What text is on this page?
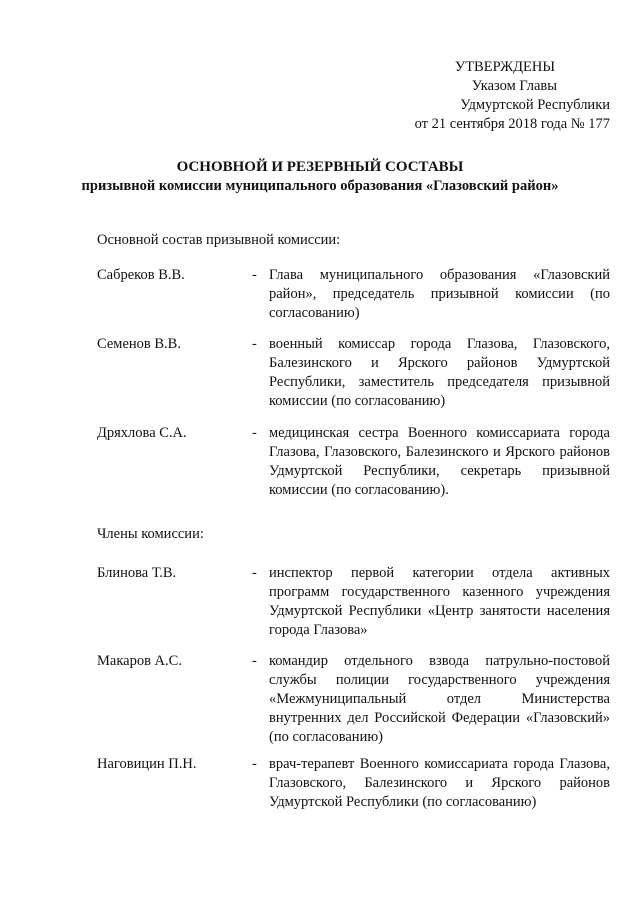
УТВЕРЖДЕНЫ
Указом Главы
Удмуртской Республики
от 21 сентября 2018 года № 177
ОСНОВНОЙ И РЕЗЕРВНЫЙ СОСТАВЫ
призывной комиссии муниципального образования «Глазовский район»
Основной состав призывной комиссии:
Сабреков В.В.	- Глава муниципального образования «Глазовский район», председатель призывной комиссии (по согласованию)
Семенов В.В.	- военный комиссар города Глазова, Глазовского, Балезинского и Ярского районов Удмуртской Республики, заместитель председателя призывной комиссии (по согласованию)
Дряхлова С.А.	- медицинская сестра Военного комиссариата города Глазова, Глазовского, Балезинского и Ярского районов Удмуртской Республики, секретарь призывной комиссии (по согласованию).
Члены комиссии:
Блинова Т.В.	- инспектор первой категории отдела активных программ государственного казенного учреждения Удмуртской Республики «Центр занятости населения города Глазова»
Макаров А.С.	- командир отдельного взвода патрульно-постовой службы полиции государственного учреждения «Межмуниципальный отдел Министерства внутренних дел Российской Федерации «Глазовский» (по согласованию)
Наговицин П.Н.	- врач-терапевт Военного комиссариата города Глазова, Глазовского, Балезинского и Ярского районов Удмуртской Республики (по согласованию)
